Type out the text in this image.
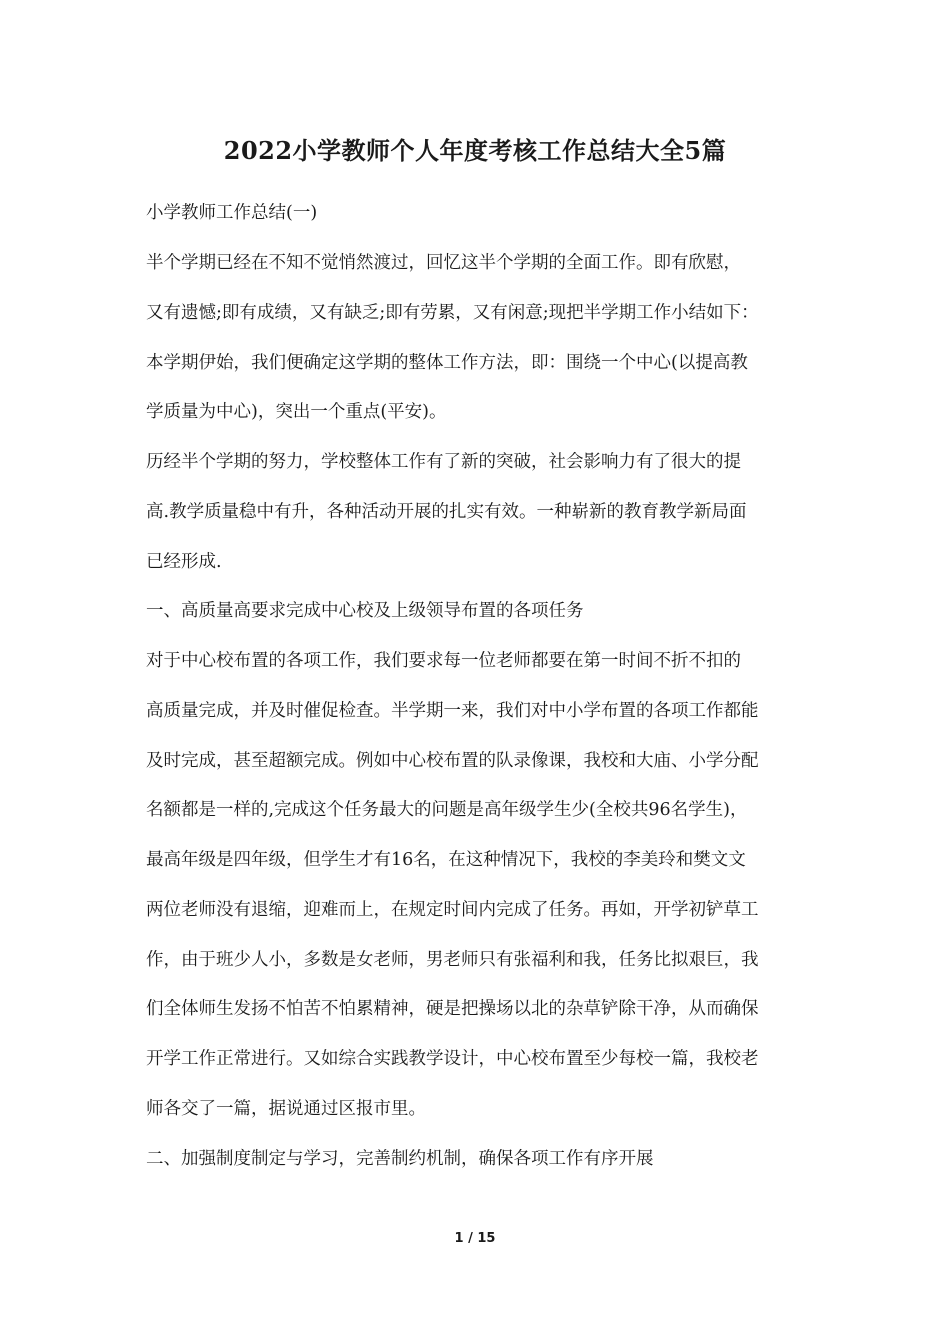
2022小学教师个人年度考核工作总结大全5篇
小学教师工作总结(一)
半个学期已经在不知不觉悄然渡过，回忆这半个学期的全面工作。即有欣慰，
又有遗憾;即有成绩，又有缺乏;即有劳累，又有闲意;现把半学期工作小结如下：
本学期伊始，我们便确定这学期的整体工作方法，即：围绕一个中心(以提高教
学质量为中心)，突出一个重点(平安)。
历经半个学期的努力，学校整体工作有了新的突破，社会影响力有了很大的提
高.教学质量稳中有升，各种活动开展的扎实有效。一种崭新的教育教学新局面
已经形成.
一、高质量高要求完成中心校及上级领导布置的各项任务
对于中心校布置的各项工作，我们要求每一位老师都要在第一时间不折不扣的
高质量完成，并及时催促检查。半学期一来，我们对中小学布置的各项工作都能
及时完成，甚至超额完成。例如中心校布置的队录像课，我校和大庙、小学分配
名额都是一样的,完成这个任务最大的问题是高年级学生少(全校共96名学生)，
最高年级是四年级，但学生才有16名，在这种情况下，我校的李美玲和樊文文
两位老师没有退缩，迎难而上，在规定时间内完成了任务。再如，开学初铲草工
作，由于班少人小，多数是女老师，男老师只有张福利和我，任务比拟艰巨，我
们全体师生发扬不怕苦不怕累精神，硬是把操场以北的杂草铲除干净，从而确保
开学工作正常进行。又如综合实践教学设计，中心校布置至少每校一篇，我校老
师各交了一篇，据说通过区报市里。
二、加强制度制定与学习，完善制约机制，确保各项工作有序开展
1 / 15
